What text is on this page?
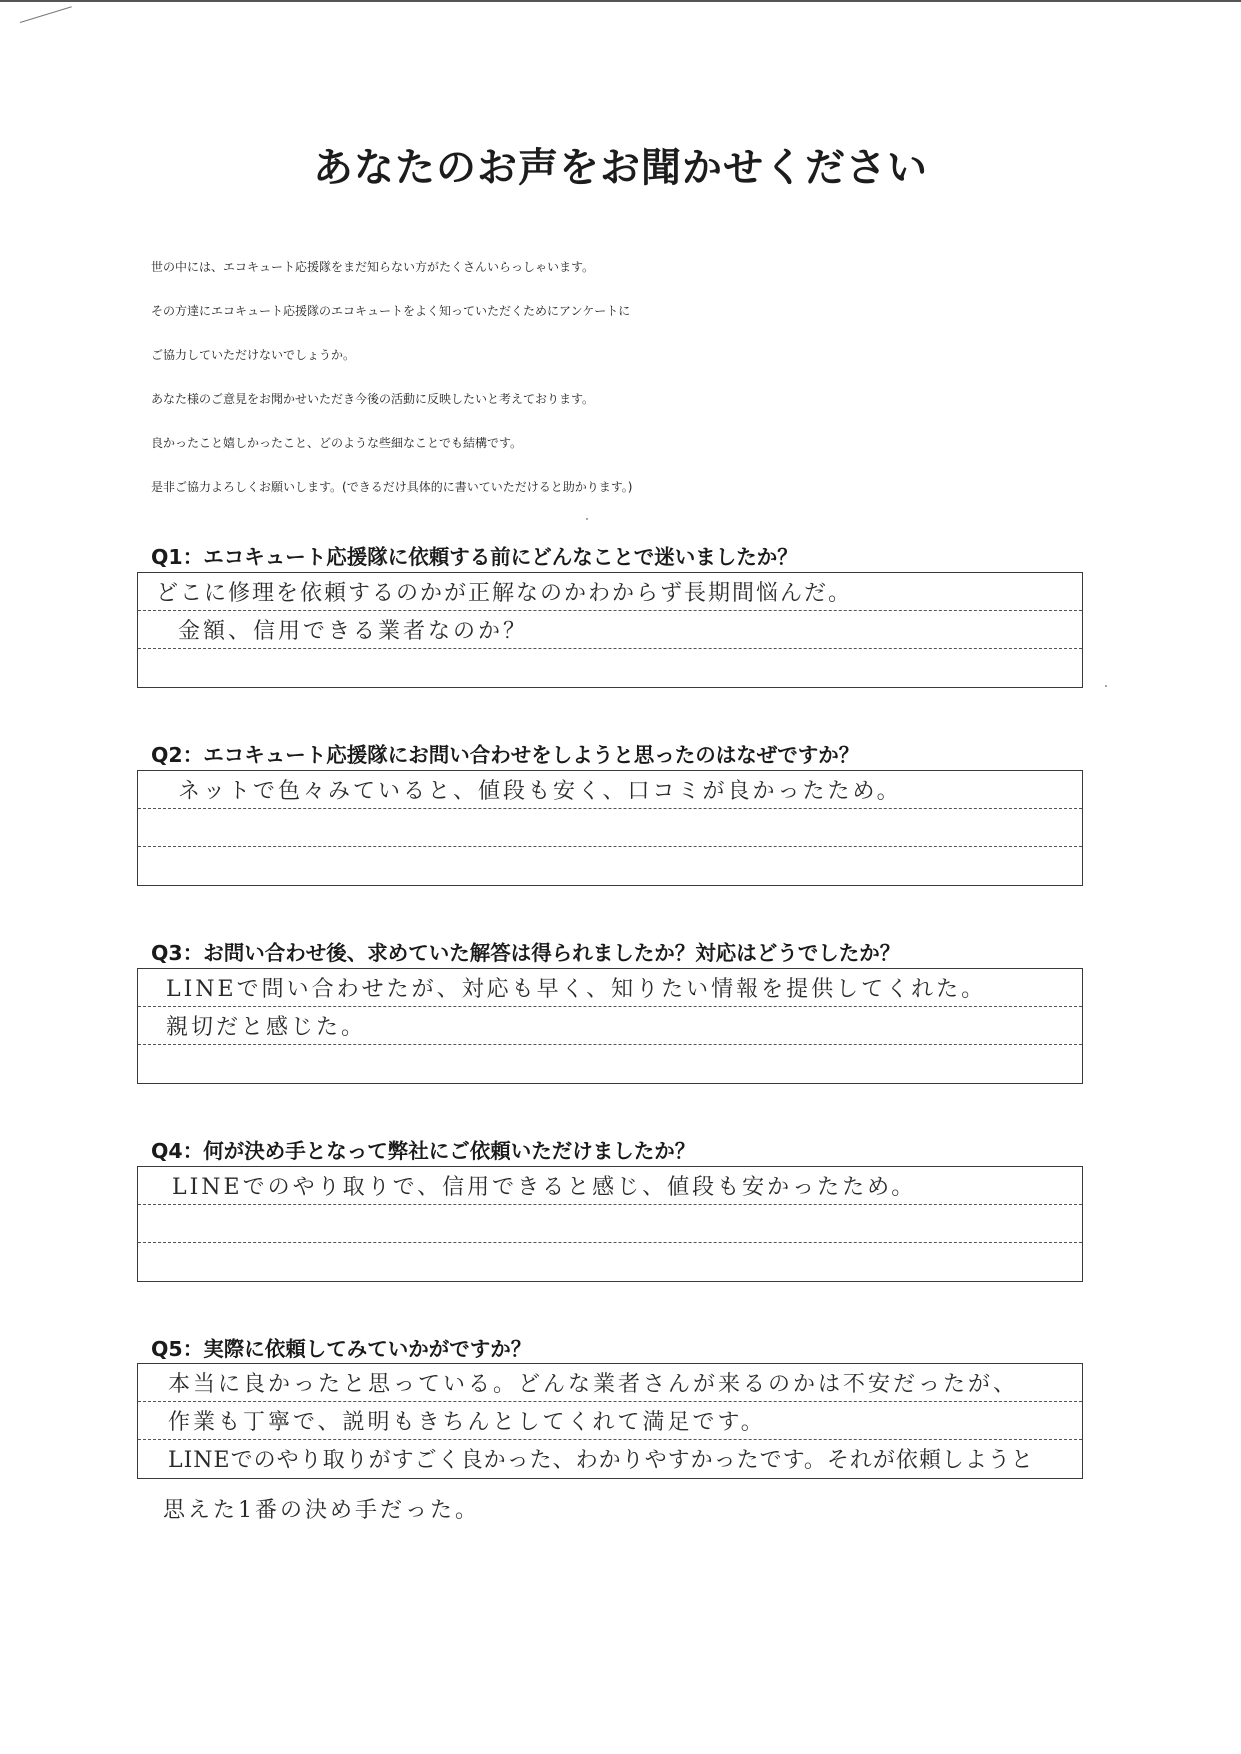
あなたのお声をお聞かせください
世の中には、エコキュート応援隊をまだ知らない方がたくさんいらっしゃいます。
その方達にエコキュート応援隊のエコキュートをよく知っていただくためにアンケートに
ご協力していただけないでしょうか。
あなた様のご意見をお聞かせいただき今後の活動に反映したいと考えております。
良かったこと嬉しかったこと、どのような些細なことでも結構です。
是非ご協力よろしくお願いします。(できるだけ具体的に書いていただけると助かります。)
Q1：エコキュート応援隊に依頼する前にどんなことで迷いましたか？
どこに修理を依頼するのかが正解なのかわからず長期間悩んだ。
金額、信用できる業者なのか？
Q2：エコキュート応援隊にお問い合わせをしようと思ったのはなぜですか？
ネットで色々みていると、値段も安く、口コミが良かったため。
Q3：お問い合わせ後、求めていた解答は得られましたか？対応はどうでしたか？
LINEで問い合わせたが、対応も早く、知りたい情報を提供してくれた。
親切だと感じた。
Q4：何が決め手となって弊社にご依頼いただけましたか？
LINEでのやり取りで、信用できると感じ、値段も安かったため。
Q5：実際に依頼してみていかがですか？
本当に良かったと思っている。どんな業者さんが来るのかは不安だったが、
作業も丁寧で、説明もきちんとしてくれて満足です。
LINEでのやり取りがすごく良かった、わかりやすかったです。それが依頼しようと
思えた1番の決め手だった。
